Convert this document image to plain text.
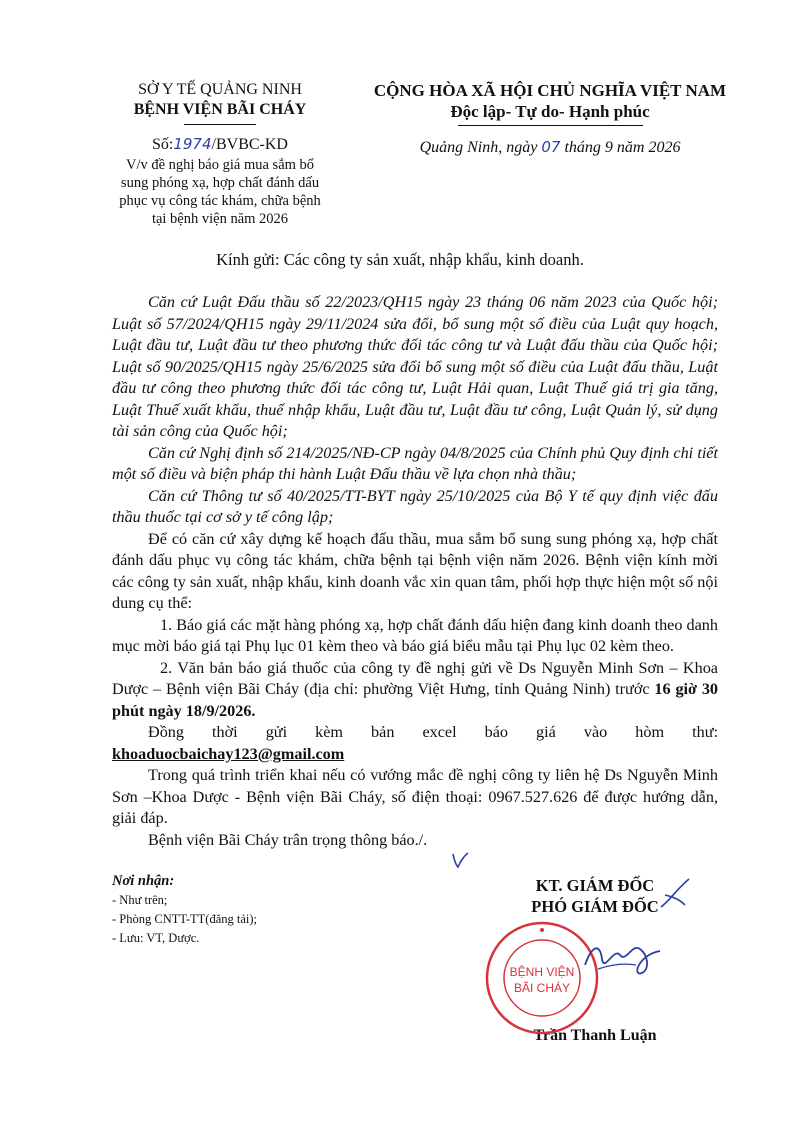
SỞ Y TẾ QUẢNG NINH
BỆNH VIỆN BÃI CHÁY
Số:1974/BVBC-KD
V/v đề nghị báo giá mua sắm bổ
sung phóng xạ, hợp chất đánh dấu
phục vụ công tác khám, chữa bệnh
tại bệnh viện năm 2026
CỘNG HÒA XÃ HỘI CHỦ NGHĨA VIỆT NAM
Độc lập- Tự do- Hạnh phúc
Quảng Ninh, ngày 07 tháng 9 năm 2026
Kính gửi: Các công ty sản xuất, nhập khẩu, kinh doanh.

Căn cứ Luật Đấu thầu số 22/2023/QH15 ngày 23 tháng 06 năm 2023 của Quốc hội; Luật số 57/2024/QH15 ngày 29/11/2024 sửa đổi, bổ sung một số điều của Luật quy hoạch, Luật đầu tư, Luật đầu tư theo phương thức đối tác công tư và Luật đấu thầu của Quốc hội; Luật số 90/2025/QH15 ngày 25/6/2025 sửa đổi bổ sung một số điều của Luật đấu thầu, Luật đầu tư công theo phương thức đối tác công tư, Luật Hải quan, Luật Thuế giá trị gia tăng, Luật Thuế xuất khẩu, thuế nhập khẩu, Luật đầu tư, Luật đầu tư công, Luật Quản lý, sử dụng tài sản công của Quốc hội;

Căn cứ Nghị định số 214/2025/NĐ-CP ngày 04/8/2025 của Chính phủ Quy định chi tiết một số điều và biện pháp thi hành Luật Đấu thầu về lựa chọn nhà thầu;

Căn cứ Thông tư số 40/2025/TT-BYT ngày 25/10/2025 của Bộ Y tế quy định việc đấu thầu thuốc tại cơ sở y tế công lập;

Để có căn cứ xây dựng kế hoạch đấu thầu, mua sắm bổ sung sung phóng xạ, hợp chất đánh dấu phục vụ công tác khám, chữa bệnh tại bệnh viện năm 2026. Bệnh viện kính mời các công ty sản xuất, nhập khẩu, kinh doanh vắc xin quan tâm, phối hợp thực hiện một số nội dung cụ thể:

1. Báo giá các mặt hàng phóng xạ, hợp chất đánh dấu hiện đang kinh doanh theo danh mục mời báo giá tại Phụ lục 01 kèm theo và báo giá biểu mẫu tại Phụ lục 02 kèm theo.

2. Văn bản báo giá thuốc của công ty đề nghị gửi về Ds Nguyễn Minh Sơn – Khoa Dược – Bệnh viện Bãi Cháy (địa chỉ: phường Việt Hưng, tỉnh Quảng Ninh) trước 16 giờ 30 phút ngày 18/9/2026.

Đồng thời gửi kèm bản excel báo giá vào hòm thư:

khoaduocbaichay123@gmail.com

Trong quá trình triển khai nếu có vướng mắc đề nghị công ty liên hệ Ds Nguyễn Minh Sơn –Khoa Dược - Bệnh viện Bãi Cháy, số điện thoại: 0967.527.626 để được hướng dẫn, giải đáp.

Bệnh viện Bãi Cháy trân trọng thông báo./.

Nơi nhận:
- Như trên;
- Phòng CNTT-TT(đăng tải);
- Lưu: VT, Dược.
KT. GIÁM ĐỐC
PHÓ GIÁM ĐỐC
Trần Thanh Luận
BỆNH VIỆN
BÃI CHÁY
